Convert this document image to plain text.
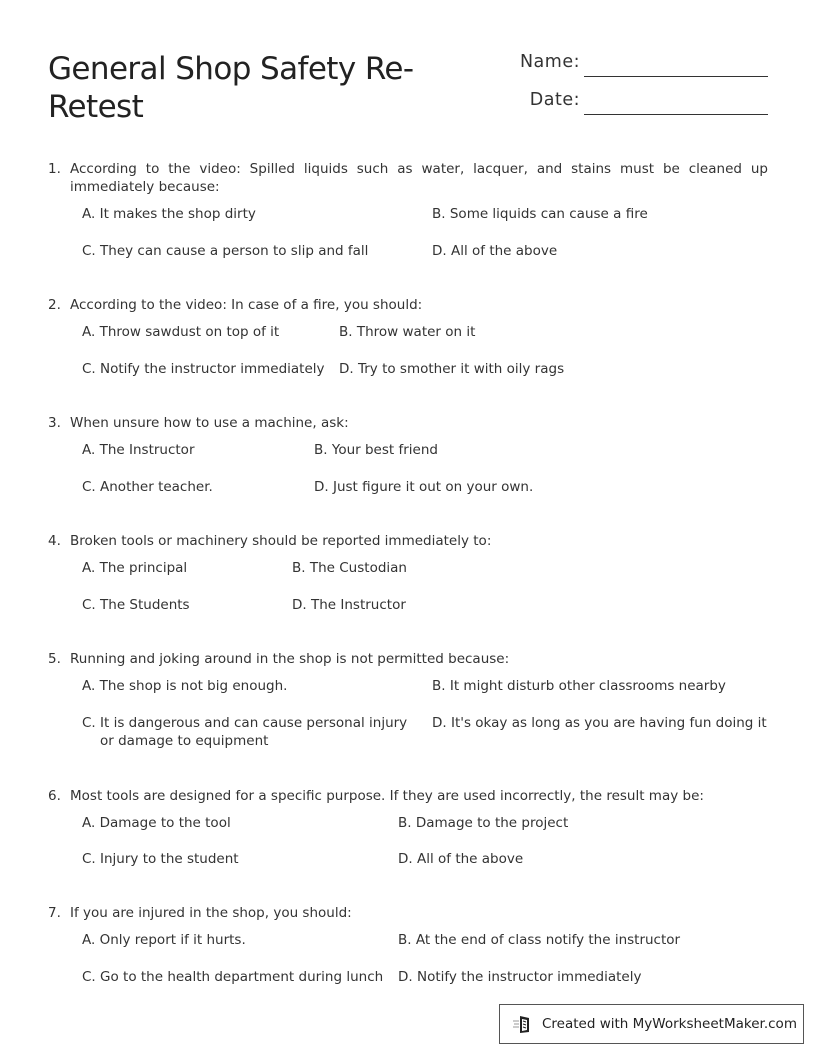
General Shop Safety Re-Retest
Name:
Date:
1. According to the video: Spilled liquids such as water, lacquer, and stains must be cleaned up immediately because:
A. It makes the shop dirty	B. Some liquids can cause a fire
C. They can cause a person to slip and fall	D. All of the above
2. According to the video: In case of a fire, you should:
A. Throw sawdust on top of it	B. Throw water on it
C. Notify the instructor immediately D. Try to smother it with oily rags
3. When unsure how to use a machine, ask:
A. The Instructor	B. Your best friend
C. Another teacher.	D. Just figure it out on your own.
4. Broken tools or machinery should be reported immediately to:
A. The principal	B. The Custodian
C. The Students	D. The Instructor
5. Running and joking around in the shop is not permitted because:
A. The shop is not big enough.	B. It might disturb other classrooms nearby
C. It is dangerous and can cause personal injury or damage to equipment
D. It's okay as long as you are having fun doing it
6. Most tools are designed for a specific purpose. If they are used incorrectly, the result may be:
A. Damage to the tool	B. Damage to the project
C. Injury to the student	D. All of the above
7. If you are injured in the shop, you should:
A. Only report if it hurts.	B. At the end of class notify the instructor
C. Go to the health department during lunch D. Notify the instructor immediately
Created with MyWorksheetMaker.com
